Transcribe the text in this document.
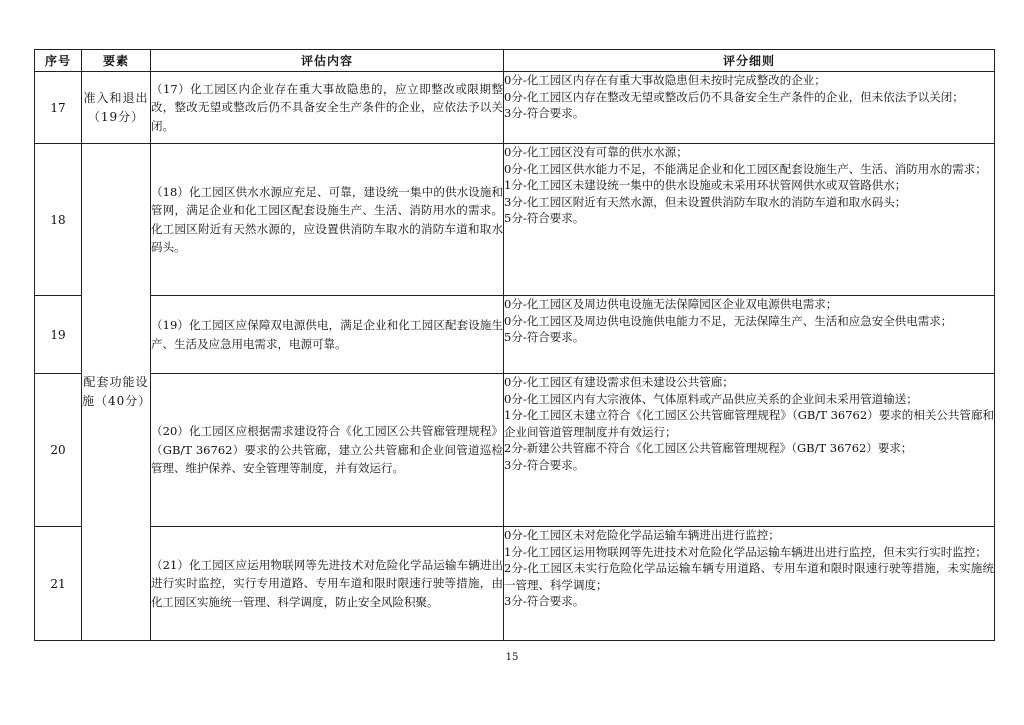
序号	要素	评估内容	评分细则
17	准入和退出（19分）	（17）化工园区内企业存在重大事故隐患的，应立即整改或限期整改，整改无望或整改后仍不具备安全生产条件的企业，应依法予以关闭。	0分-化工园区内存在有重大事故隐患但未按时完成整改的企业；
0分-化工园区内存在整改无望或整改后仍不具备安全生产条件的企业，但未依法予以关闭；
3分-符合要求。

18	配套功能设施（40分）	（18）化工园区供水水源应充足、可靠，建设统一集中的供水设施和管网，满足企业和化工园区配套设施生产、生活、消防用水的需求。化工园区附近有天然水源的，应设置供消防车取水的消防车道和取水码头。	0分-化工园区没有可靠的供水水源；
0分-化工园区供水能力不足，不能满足企业和化工园区配套设施生产、生活、消防用水的需求；
1分-化工园区未建设统一集中的供水设施或未采用环状管网供水或双管路供水；
3分-化工园区附近有天然水源，但未设置供消防车取水的消防车道和取水码头；
5分-符合要求。

19		（19）化工园区应保障双电源供电，满足企业和化工园区配套设施生产、生活及应急用电需求，电源可靠。	0分-化工园区及周边供电设施无法保障园区企业双电源供电需求；
0分-化工园区及周边供电设施供电能力不足，无法保障生产、生活和应急安全供电需求；
5分-符合要求。

20		（20）化工园区应根据需求建设符合《化工园区公共管廊管理规程》（GB/T 36762）要求的公共管廊，建立公共管廊和企业间管道巡检管理、维护保养、安全管理等制度，并有效运行。	0分-化工园区有建设需求但未建设公共管廊；
0分-化工园区内有大宗液体、气体原料或产品供应关系的企业间未采用管道输送；
1分-化工园区未建立符合《化工园区公共管廊管理规程》（GB/T 36762）要求的相关公共管廊和企业间管道管理制度并有效运行；
2分-新建公共管廊不符合《化工园区公共管廊管理规程》（GB/T 36762）要求；
3分-符合要求。

21		（21）化工园区应运用物联网等先进技术对危险化学品运输车辆进出进行实时监控，实行专用道路、专用车道和限时限速行驶等措施，由化工园区实施统一管理、科学调度，防止安全风险积聚。	0分-化工园区未对危险化学品运输车辆进出进行监控；
1分-化工园区运用物联网等先进技术对危险化学品运输车辆进出进行监控，但未实行实时监控；
2分-化工园区未实行危险化学品运输车辆专用道路、专用车道和限时限速行驶等措施，未实施统一管理、科学调度；
3分-符合要求。
15
